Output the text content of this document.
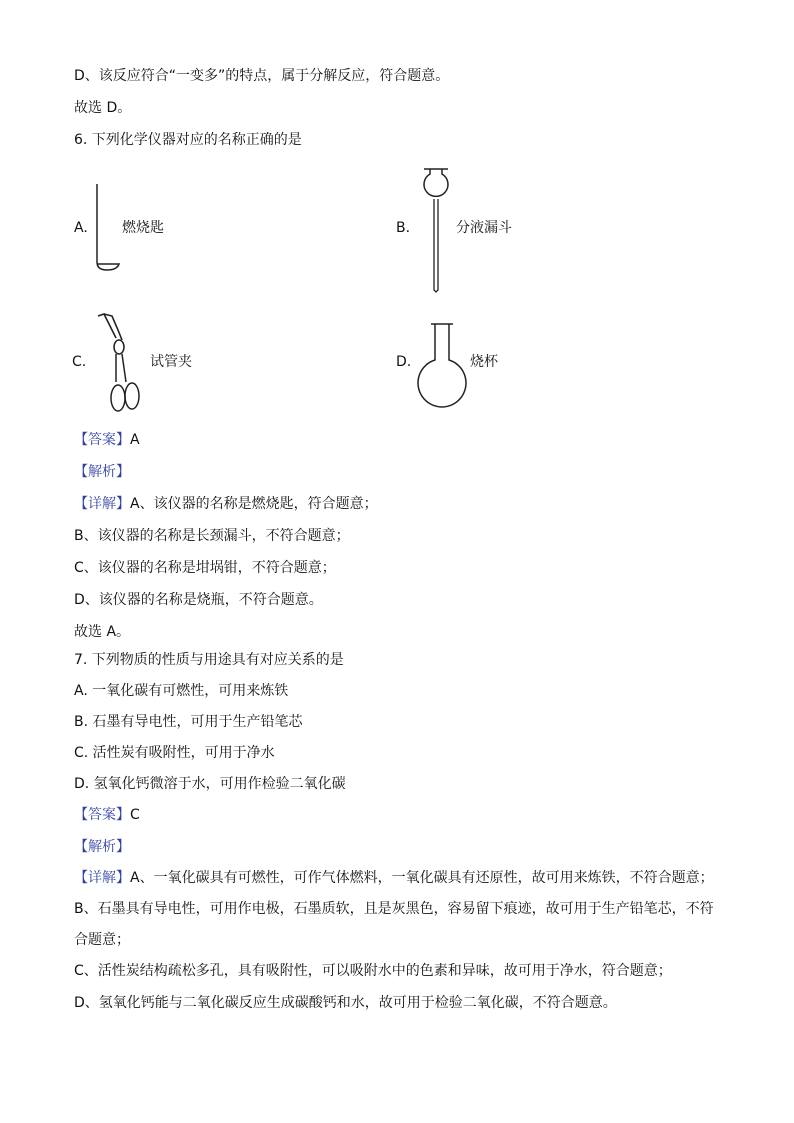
D、该反应符合“一变多”的特点，属于分解反应，符合题意。
故选 D。
6. 下列化学仪器对应的名称正确的是
A. 燃烧匙	B.	分液漏斗
C.	试管夹	D.	烧杯
【答案】A
【解析】
【详解】A、该仪器的名称是燃烧匙，符合题意；
B、该仪器的名称是长颈漏斗，不符合题意；
C、该仪器的名称是坩埚钳，不符合题意；
D、该仪器的名称是烧瓶，不符合题意。
故选 A。
7. 下列物质的性质与用途具有对应关系的是
A. 一氧化碳有可燃性，可用来炼铁
B. 石墨有导电性，可用于生产铅笔芯
C. 活性炭有吸附性，可用于净水
D. 氢氧化钙微溶于水，可用作检验二氧化碳
【答案】C
【解析】
【详解】A、一氧化碳具有可燃性，可作气体燃料，一氧化碳具有还原性，故可用来炼铁，不符合题意；
B、石墨具有导电性，可用作电极，石墨质软，且是灰黑色，容易留下痕迹，故可用于生产铅笔芯，不符
合题意；
C、活性炭结构疏松多孔，具有吸附性，可以吸附水中的色素和异味，故可用于净水，符合题意；
D、氢氧化钙能与二氧化碳反应生成碳酸钙和水，故可用于检验二氧化碳，不符合题意。
